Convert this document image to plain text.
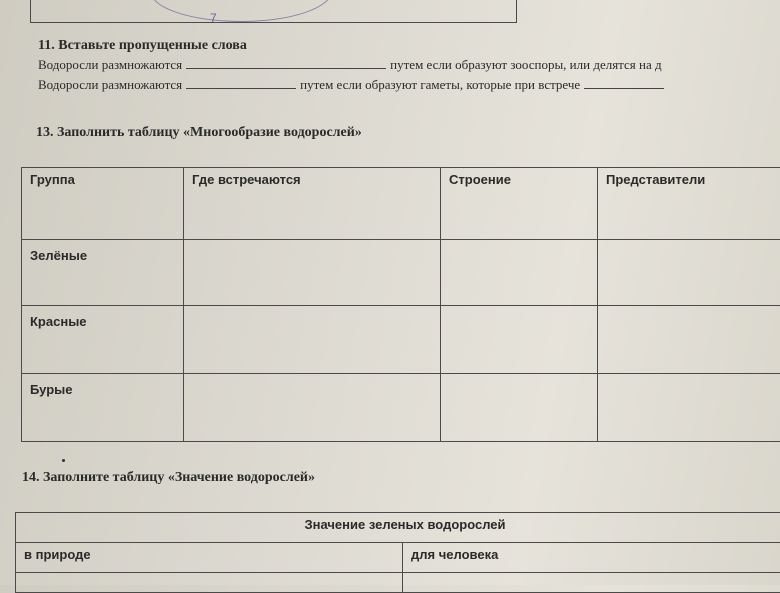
7
11. Вставьте пропущенные слова
Водоросли размножаются	путем если образуют зооспоры, или делятся на д
Водоросли размножаются	путем если образуют гаметы, которые при встрече
13. Заполнить таблицу «Многообразие водорослей»
Группа	Где встречаются	Строение	Представители
Зелёные			
Красные			
Бурые			
14. Заполните таблицу «Значение водорослей»
Значение зеленых водорослей	
в природе	для человека
